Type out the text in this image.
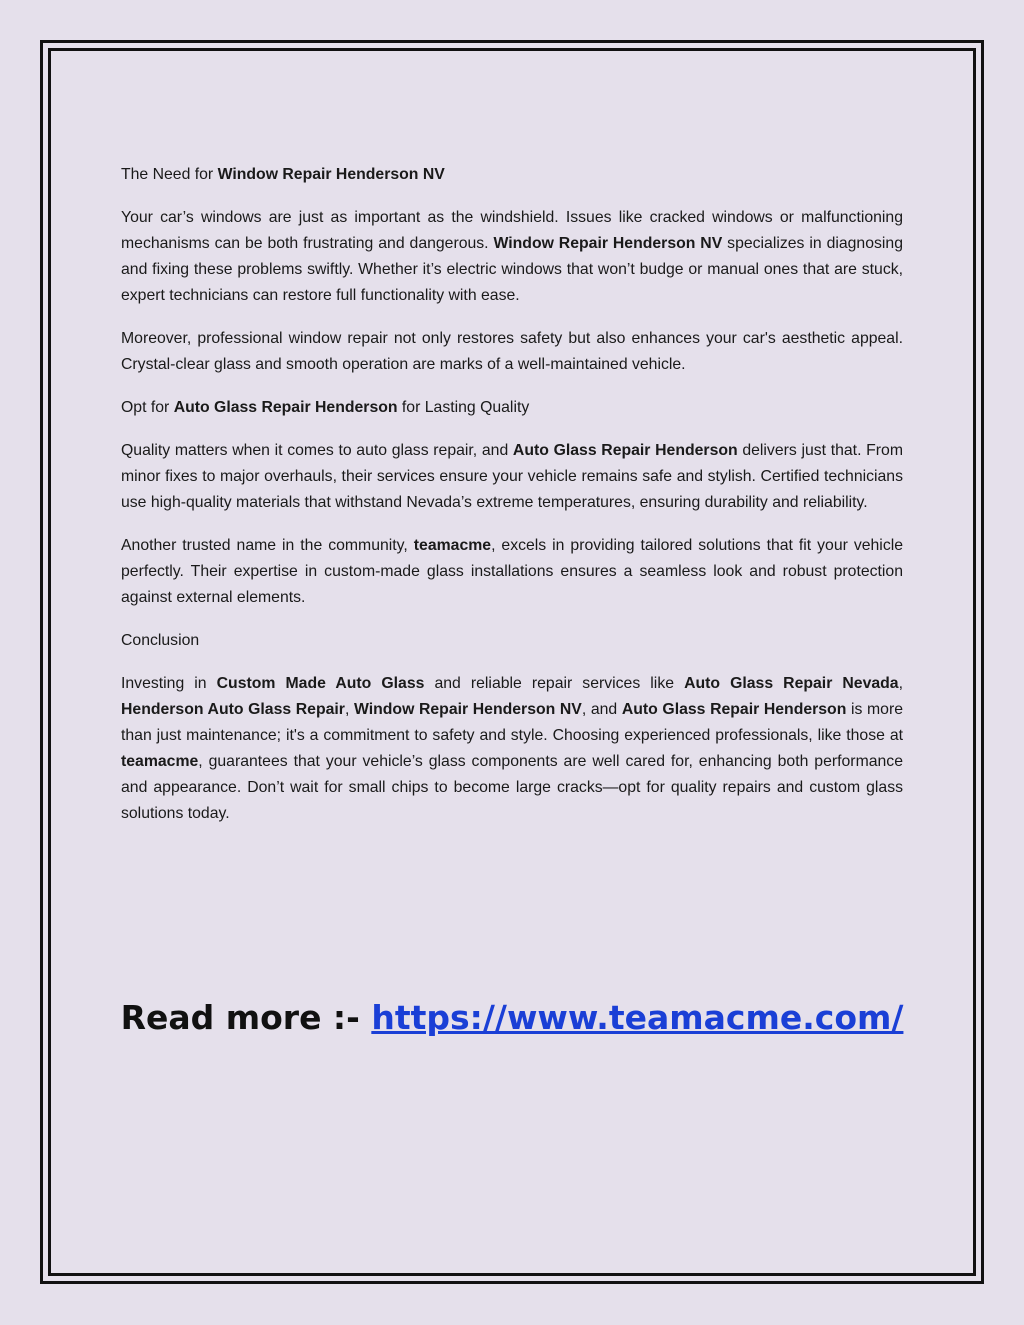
The Need for Window Repair Henderson NV

Your car’s windows are just as important as the windshield. Issues like cracked windows or malfunctioning mechanisms can be both frustrating and dangerous. Window Repair Henderson NV specializes in diagnosing and fixing these problems swiftly. Whether it’s electric windows that won’t budge or manual ones that are stuck, expert technicians can restore full functionality with ease.

Moreover, professional window repair not only restores safety but also enhances your car's aesthetic appeal. Crystal-clear glass and smooth operation are marks of a well-maintained vehicle.

Opt for Auto Glass Repair Henderson for Lasting Quality

Quality matters when it comes to auto glass repair, and Auto Glass Repair Henderson delivers just that. From minor fixes to major overhauls, their services ensure your vehicle remains safe and stylish. Certified technicians use high-quality materials that withstand Nevada’s extreme temperatures, ensuring durability and reliability.

Another trusted name in the community, teamacme, excels in providing tailored solutions that fit your vehicle perfectly. Their expertise in custom-made glass installations ensures a seamless look and robust protection against external elements.

Conclusion

Investing in Custom Made Auto Glass and reliable repair services like Auto Glass Repair Nevada, Henderson Auto Glass Repair, Window Repair Henderson NV, and Auto Glass Repair Henderson is more than just maintenance; it's a commitment to safety and style. Choosing experienced professionals, like those at teamacme, guarantees that your vehicle’s glass components are well cared for, enhancing both performance and appearance. Don’t wait for small chips to become large cracks—opt for quality repairs and custom glass solutions today.

Read more :- https://www.teamacme.com/
